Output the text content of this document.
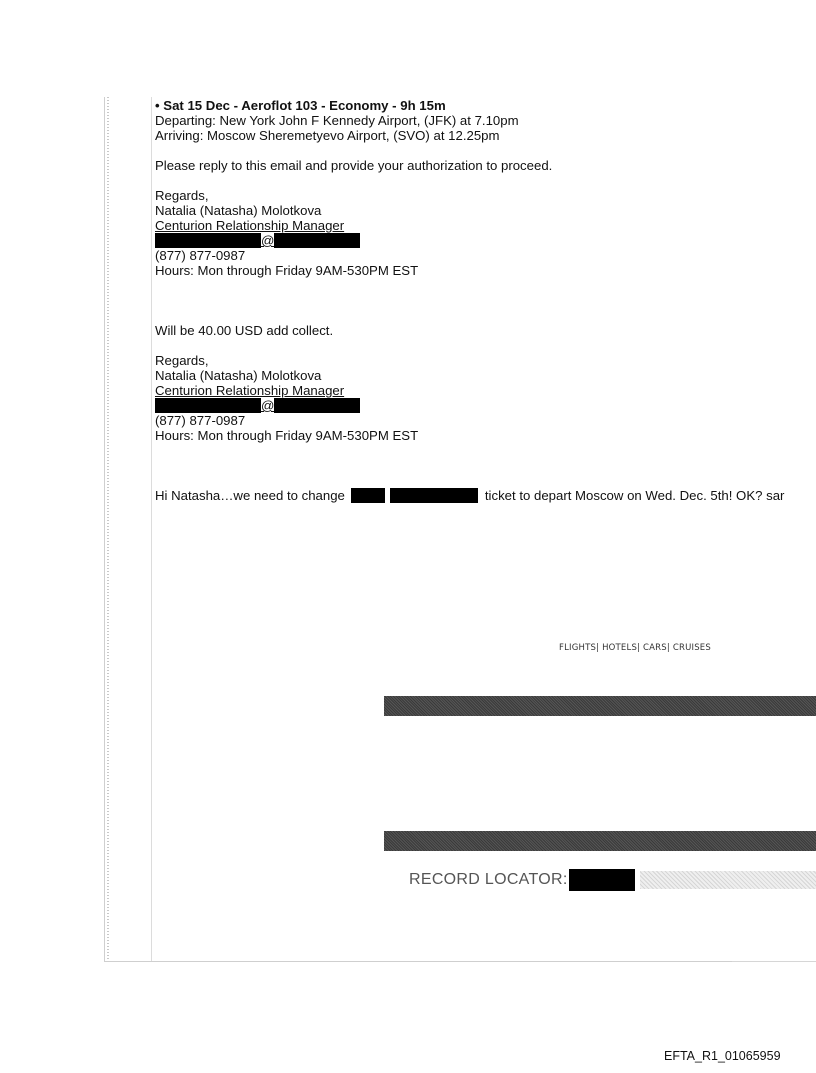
• Sat 15 Dec - Aeroflot 103 - Economy - 9h 15m
Departing: New York John F Kennedy Airport, (JFK) at 7.10pm
Arriving: Moscow Sheremetyevo Airport, (SVO) at 12.25pm
Please reply to this email and provide your authorization to proceed.
Regards,
Natalia (Natasha) Molotkova
Centurion Relationship Manager
@
(877) 877-0987
Hours: Mon through Friday 9AM-530PM EST
Will be 40.00 USD add collect.
Regards,
Natalia (Natasha) Molotkova
Centurion Relationship Manager
@
(877) 877-0987
Hours: Mon through Friday 9AM-530PM EST
Hi Natasha…we need to change	ticket to depart Moscow on Wed. Dec. 5th! OK? sar
FLIGHTS| HOTELS| CARS| CRUISES
RECORD LOCATOR:
EFTA_R1_01065959
